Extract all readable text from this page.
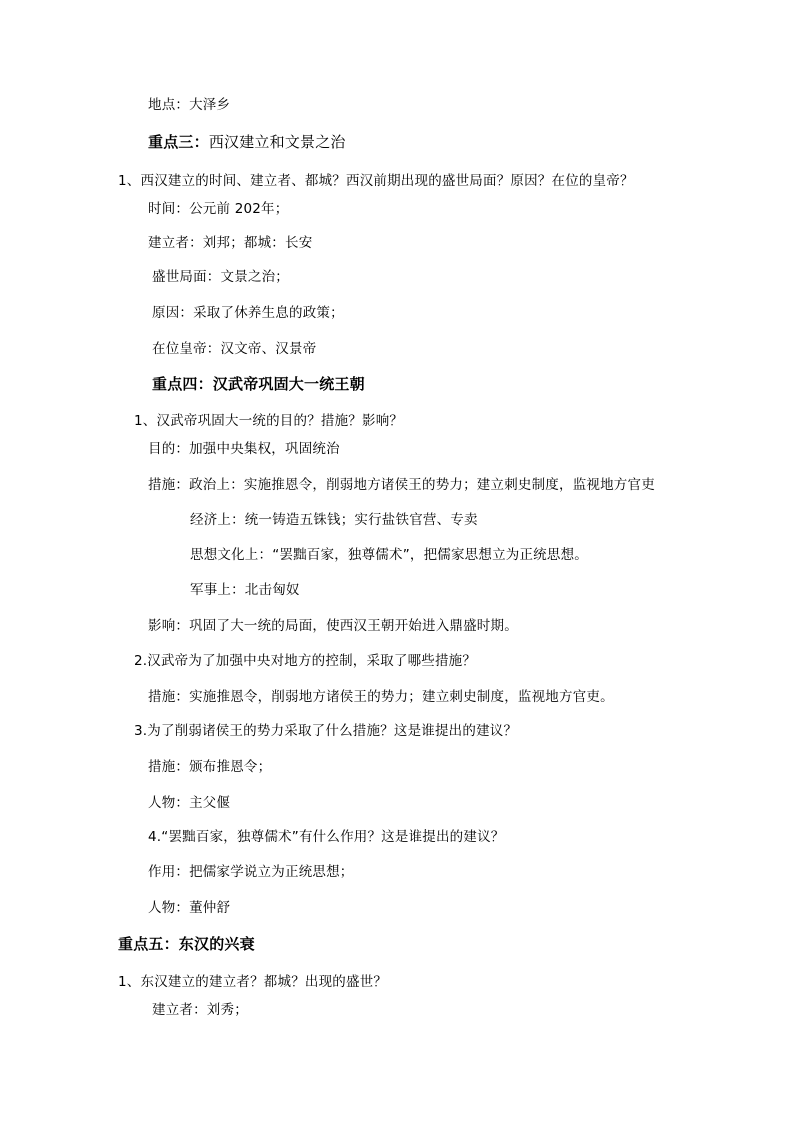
地点：大泽乡
重点三：西汉建立和文景之治
1、西汉建立的时间、建立者、都城？西汉前期出现的盛世局面？原因？在位的皇帝？
时间：公元前 202年；
建立者：刘邦；都城：长安
盛世局面：文景之治；
原因：采取了休养生息的政策；
在位皇帝：汉文帝、汉景帝
重点四：汉武帝巩固大一统王朝
1、汉武帝巩固大一统的目的？措施？影响？
目的：加强中央集权，巩固统治
措施：政治上：实施推恩令，削弱地方诸侯王的势力；建立刺史制度，监视地方官吏
经济上：统一铸造五铢钱；实行盐铁官营、专卖
思想文化上：“罢黜百家，独尊儒术”，把儒家思想立为正统思想。
军事上：北击匈奴
影响：巩固了大一统的局面，使西汉王朝开始进入鼎盛时期。
2.汉武帝为了加强中央对地方的控制，采取了哪些措施？
措施：实施推恩令，削弱地方诸侯王的势力；建立刺史制度，监视地方官吏。
3.为了削弱诸侯王的势力采取了什么措施？这是谁提出的建议？
措施：颁布推恩令；
人物：主父偃
4.“罢黜百家，独尊儒术”有什么作用？这是谁提出的建议？
作用：把儒家学说立为正统思想；
人物：董仲舒
重点五：东汉的兴衰
1、东汉建立的建立者？都城？出现的盛世？
建立者：刘秀；
